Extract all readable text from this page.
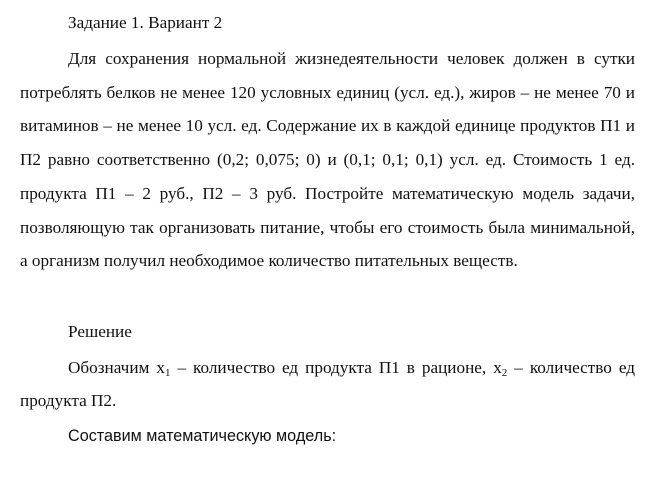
Задание 1. Вариант 2

Для сохранения нормальной жизнедеятельности человек должен в сутки потреблять белков не менее 120 условных единиц (усл. ед.), жиров – не менее 70 и витаминов – не менее 10 усл. ед. Содержание их в каждой единице продуктов П1 и П2 равно соответственно (0,2; 0,075; 0) и (0,1; 0,1; 0,1) усл. ед. Стоимость 1 ед. продукта П1 – 2 руб., П2 – 3 руб. Постройте математическую модель задачи, позволяющую так организовать питание, чтобы его стоимость была минимальной, а организм получил необходимое количество питательных веществ.

Решение

Обозначим $x_1$ – количество ед продукта П1 в рационе, $x_2$ – количество ед продукта П2.

Составим математическую модель:
